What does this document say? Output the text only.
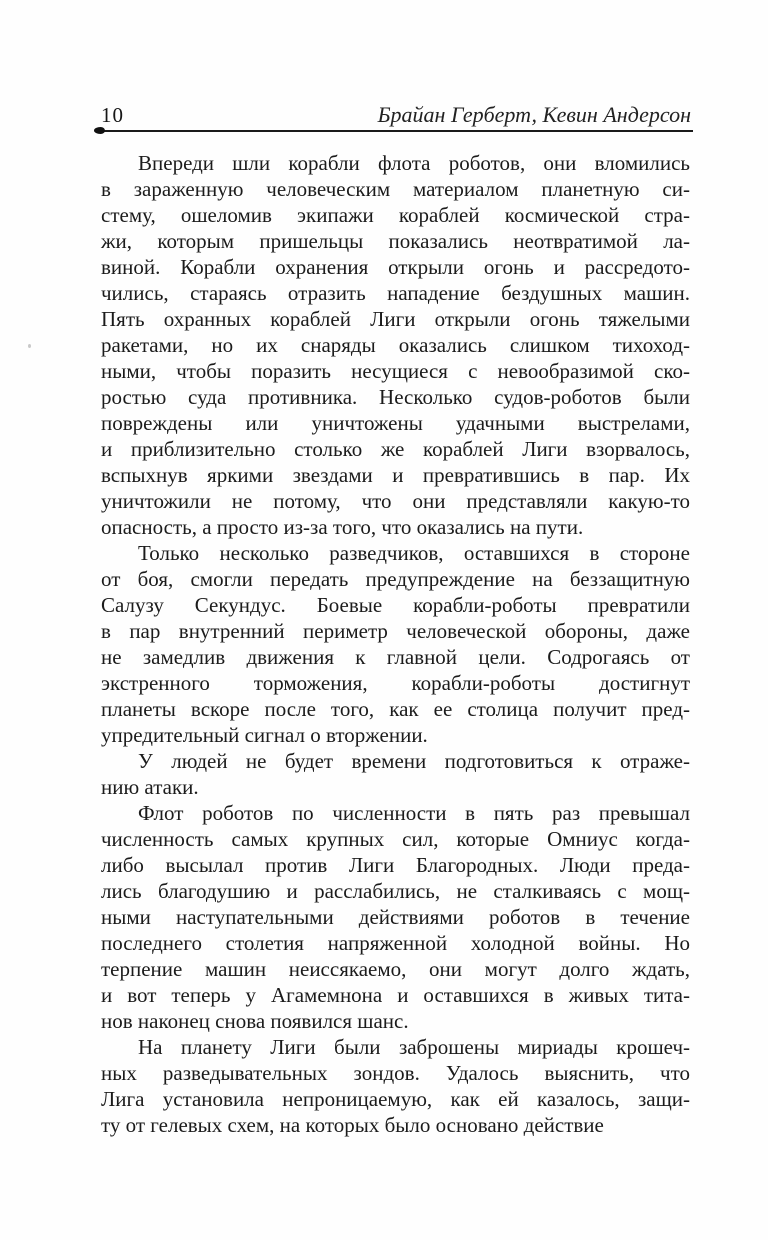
10	Брайан Герберт, Кевин Андерсон
Впереди шли корабли флота роботов, они вломились
в зараженную человеческим материалом планетную си-
стему, ошеломив экипажи кораблей космической стра-
жи, которым пришельцы показались неотвратимой ла-
виной. Корабли охранения открыли огонь и рассредото-
чились, стараясь отразить нападение бездушных машин.
Пять охранных кораблей Лиги открыли огонь тяжелыми
ракетами, но их снаряды оказались слишком тихоход-
ными, чтобы поразить несущиеся с невообразимой ско-
ростью суда противника. Несколько судов-роботов были
повреждены или уничтожены удачными выстрелами,
и приблизительно столько же кораблей Лиги взорвалось,
вспыхнув яркими звездами и превратившись в пар. Их
уничтожили не потому, что они представляли какую-то
опасность, а просто из-за того, что оказались на пути.
Только несколько разведчиков, оставшихся в стороне
от боя, смогли передать предупреждение на беззащитную
Салузу Секундус. Боевые корабли-роботы превратили
в пар внутренний периметр человеческой обороны, даже
не замедлив движения к главной цели. Содрогаясь от
экстренного торможения, корабли-роботы достигнут
планеты вскоре после того, как ее столица получит пред-
упредительный сигнал о вторжении.
У людей не будет времени подготовиться к отраже-
нию атаки.
Флот роботов по численности в пять раз превышал
численность самых крупных сил, которые Омниус когда-
либо высылал против Лиги Благородных. Люди преда-
лись благодушию и расслабились, не сталкиваясь с мощ-
ными наступательными действиями роботов в течение
последнего столетия напряженной холодной войны. Но
терпение машин неиссякаемо, они могут долго ждать,
и вот теперь у Агамемнона и оставшихся в живых тита-
нов наконец снова появился шанс.
На планету Лиги были заброшены мириады крошеч-
ных разведывательных зондов. Удалось выяснить, что
Лига установила непроницаемую, как ей казалось, защи-
ту от гелевых схем, на которых было основано действие
